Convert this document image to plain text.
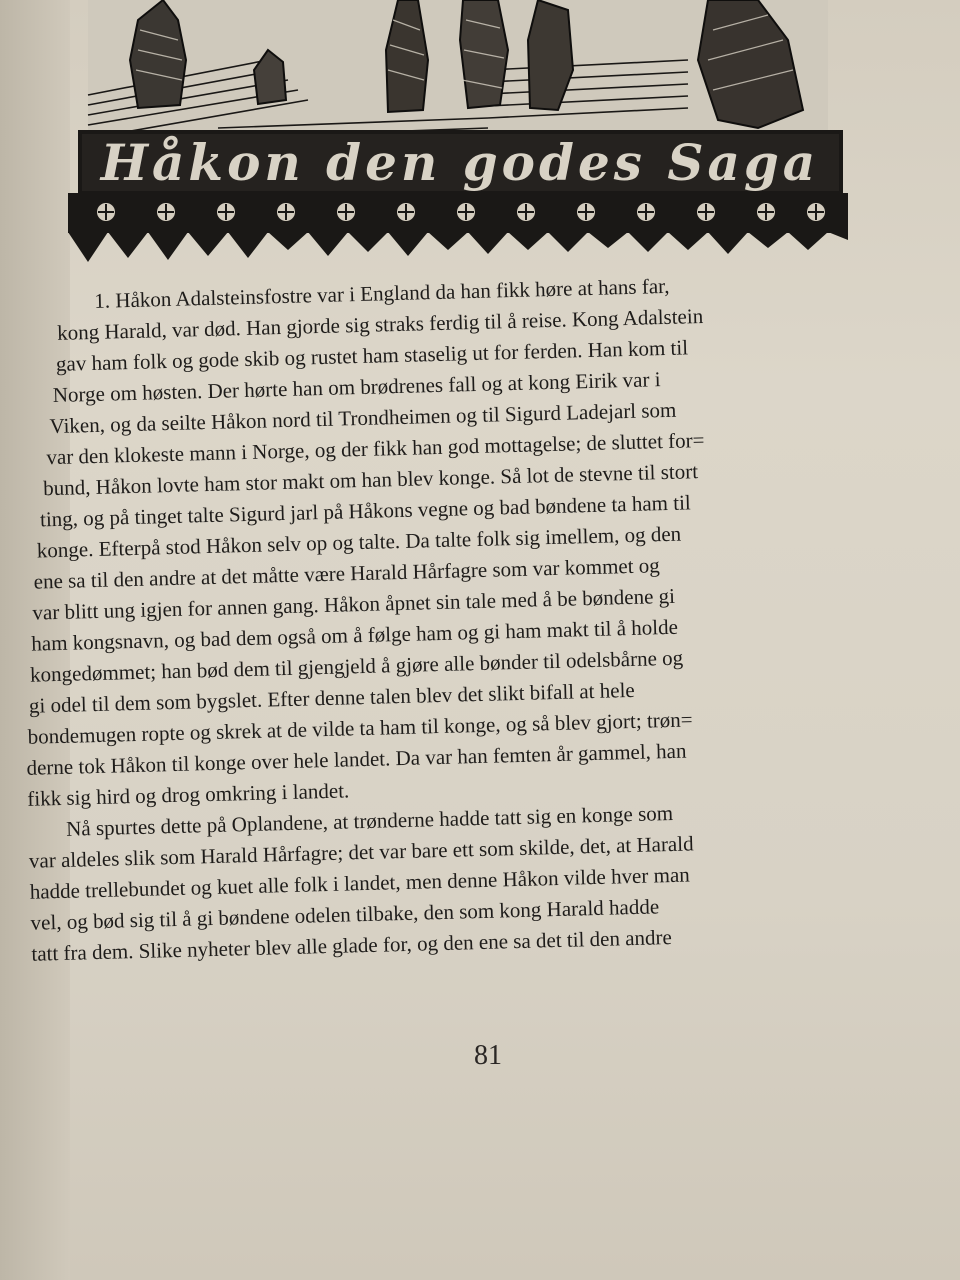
Håkon den godes Saga
1. Håkon Adalsteinsfostre var i England da han fikk høre at hans far,
kong Harald, var død. Han gjorde sig straks ferdig til å reise. Kong Adalstein
gav ham folk og gode skib og rustet ham staselig ut for ferden. Han kom til
Norge om høsten. Der hørte han om brødrenes fall og at kong Eirik var i
Viken, og da seilte Håkon nord til Trondheimen og til Sigurd Ladejarl som
var den klokeste mann i Norge, og der fikk han god mottagelse; de sluttet for=
bund, Håkon lovte ham stor makt om han blev konge. Så lot de stevne til stort
ting, og på tinget talte Sigurd jarl på Håkons vegne og bad bøndene ta ham til
konge. Efterpå stod Håkon selv op og talte. Da talte folk sig imellem, og den
ene sa til den andre at det måtte være Harald Hårfagre som var kommet og
var blitt ung igjen for annen gang. Håkon åpnet sin tale med å be bøndene gi
ham kongsnavn, og bad dem også om å følge ham og gi ham makt til å holde
kongedømmet; han bød dem til gjengjeld å gjøre alle bønder til odelsbårne og
gi odel til dem som bygslet. Efter denne talen blev det slikt bifall at hele
bondemugen ropte og skrek at de vilde ta ham til konge, og så blev gjort; trøn=
derne tok Håkon til konge over hele landet. Da var han femten år gammel, han
fikk sig hird og drog omkring i landet.
Nå spurtes dette på Oplandene, at trønderne hadde tatt sig en konge som
var aldeles slik som Harald Hårfagre; det var bare ett som skilde, det, at Harald
hadde trellebundet og kuet alle folk i landet, men denne Håkon vilde hver man
vel, og bød sig til å gi bøndene odelen tilbake, den som kong Harald hadde
tatt fra dem. Slike nyheter blev alle glade for, og den ene sa det til den andre
81
